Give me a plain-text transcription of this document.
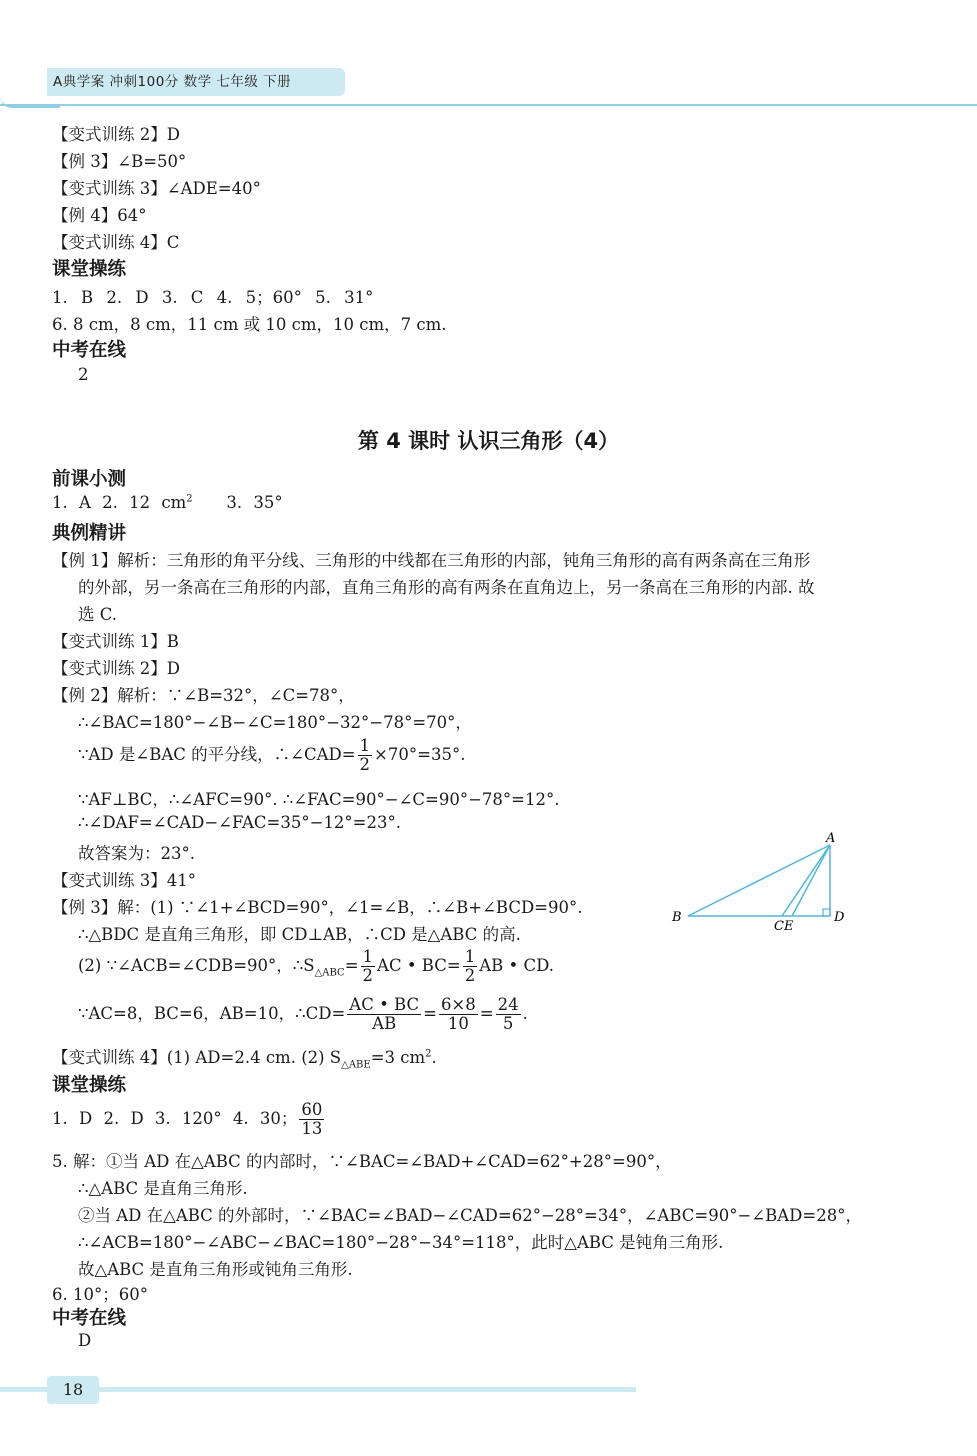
A典学案 冲刺100分 数学 七年级 下册
【变式训练 2】D
【例 3】∠B=50°
【变式训练 3】∠ADE=40°
【例 4】64°
【变式训练 4】C
课堂操练
1. B 2. D 3. C 4. 5；60° 5. 31°
6. 8 cm，8 cm，11 cm 或 10 cm，10 cm，7 cm.
中考在线
2
第 4 课时 认识三角形（4）
前课小测
1. A 2. 12 $cm^2$ 3. 35°
典例精讲
【例 1】解析：三角形的角平分线、三角形的中线都在三角形的内部，钝角三角形的高有两条高在三角形
的外部，另一条高在三角形的内部，直角三角形的高有两条在直角边上，另一条高在三角形的内部. 故
选 C.
【变式训练 1】B
【变式训练 2】D
【例 2】解析：∵∠B=32°，∠C=78°，
∴∠BAC=180°−∠B−∠C=180°−32°−78°=70°，
∵AD 是∠BAC 的平分线，∴∠CAD= $\frac{1}{2} \times 70^\circ=35^\circ$.
∵AF⊥BC，∴∠AFC=90°. ∴∠FAC=90°−∠C=90°−78°=12°.
∴∠DAF=∠CAD−∠FAC=35°−12°=23°.
故答案为：23°.
【变式训练 3】41°
【例 3】解：(1) ∵∠1+∠BCD=90°，∠1=∠B，∴∠B+∠BCD=90°.
∴△BDC 是直角三角形，即 CD⊥AB，∴CD 是△ABC 的高.
(2) ∵∠ACB=∠CDB=90°，$\therefore S_{\triangle ABC}= \frac{1}{2}$ AC • $BC= \frac{1}{2}$ AB • CD.
∵AC=8，BC=6，AB=10，∴CD= $\frac{AC • BC}{AB} = \frac{6\times 8}{10} = \frac{24}{5}$ .
【变式训练 4】(1) AD=2.4 cm. (2) $S_{\triangle ABE}=3$ $cm^2$.
A
B
CE
D
课堂操练
1. D 2. D 3. 120° 4. 30； $\frac{60}{13}$
5. 解：①当 AD 在△ABC 的内部时，∵∠BAC=∠BAD+∠CAD=62°+28°=90°，
∴△ABC 是直角三角形.
②当 AD 在△ABC 的外部时，∵∠BAC=∠BAD−∠CAD=62°−28°=34°，∠ABC=90°−∠BAD=28°，
∴∠ACB=180°−∠ABC−∠BAC=180°−28°−34°=118°，此时△ABC 是钝角三角形.
故△ABC 是直角三角形或钝角三角形.
6. 10°；60°
中考在线
D
18
